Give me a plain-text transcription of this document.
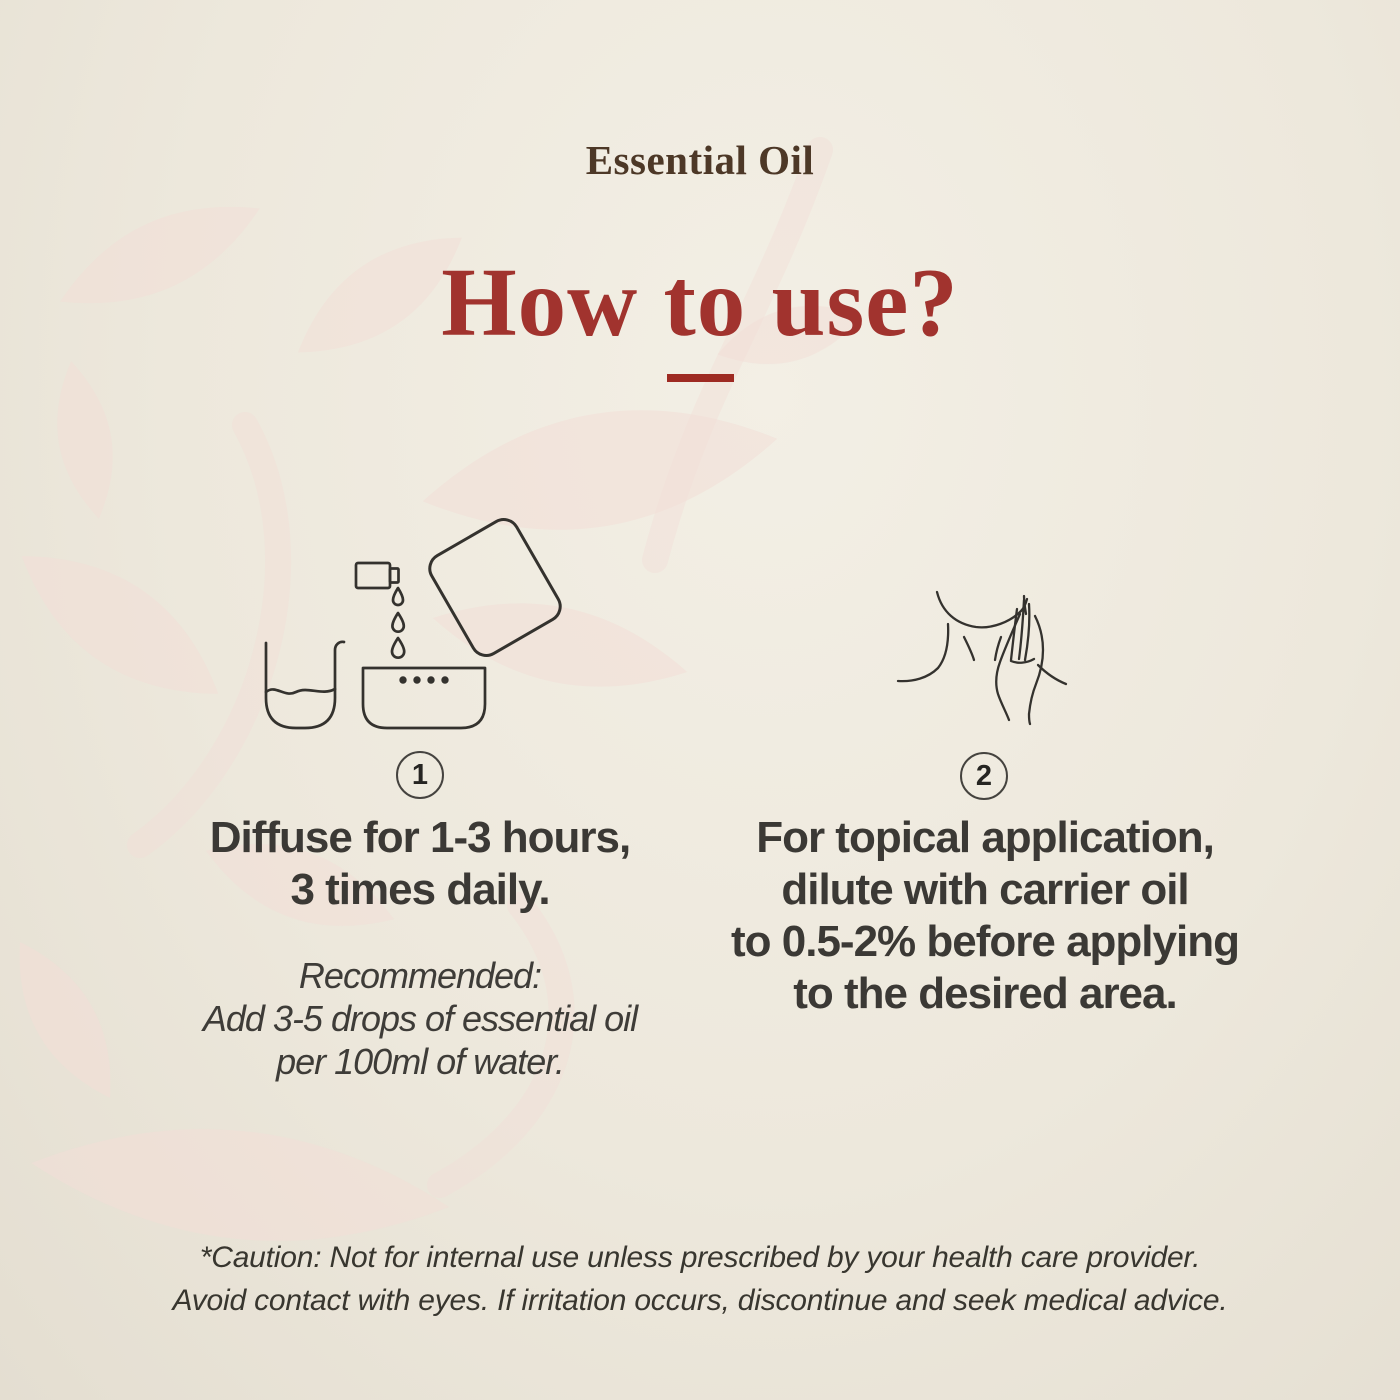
Essential Oil
How to use?
1	2
Diffuse for 1-3 hours,
3 times daily.
Recommended:
Add 3-5 drops of essential oil
per 100ml of water.
For topical application,
dilute with carrier oil
to 0.5-2% before applying
to the desired area.
*Caution: Not for internal use unless prescribed by your health care provider.
Avoid contact with eyes. If irritation occurs, discontinue and seek medical advice.
